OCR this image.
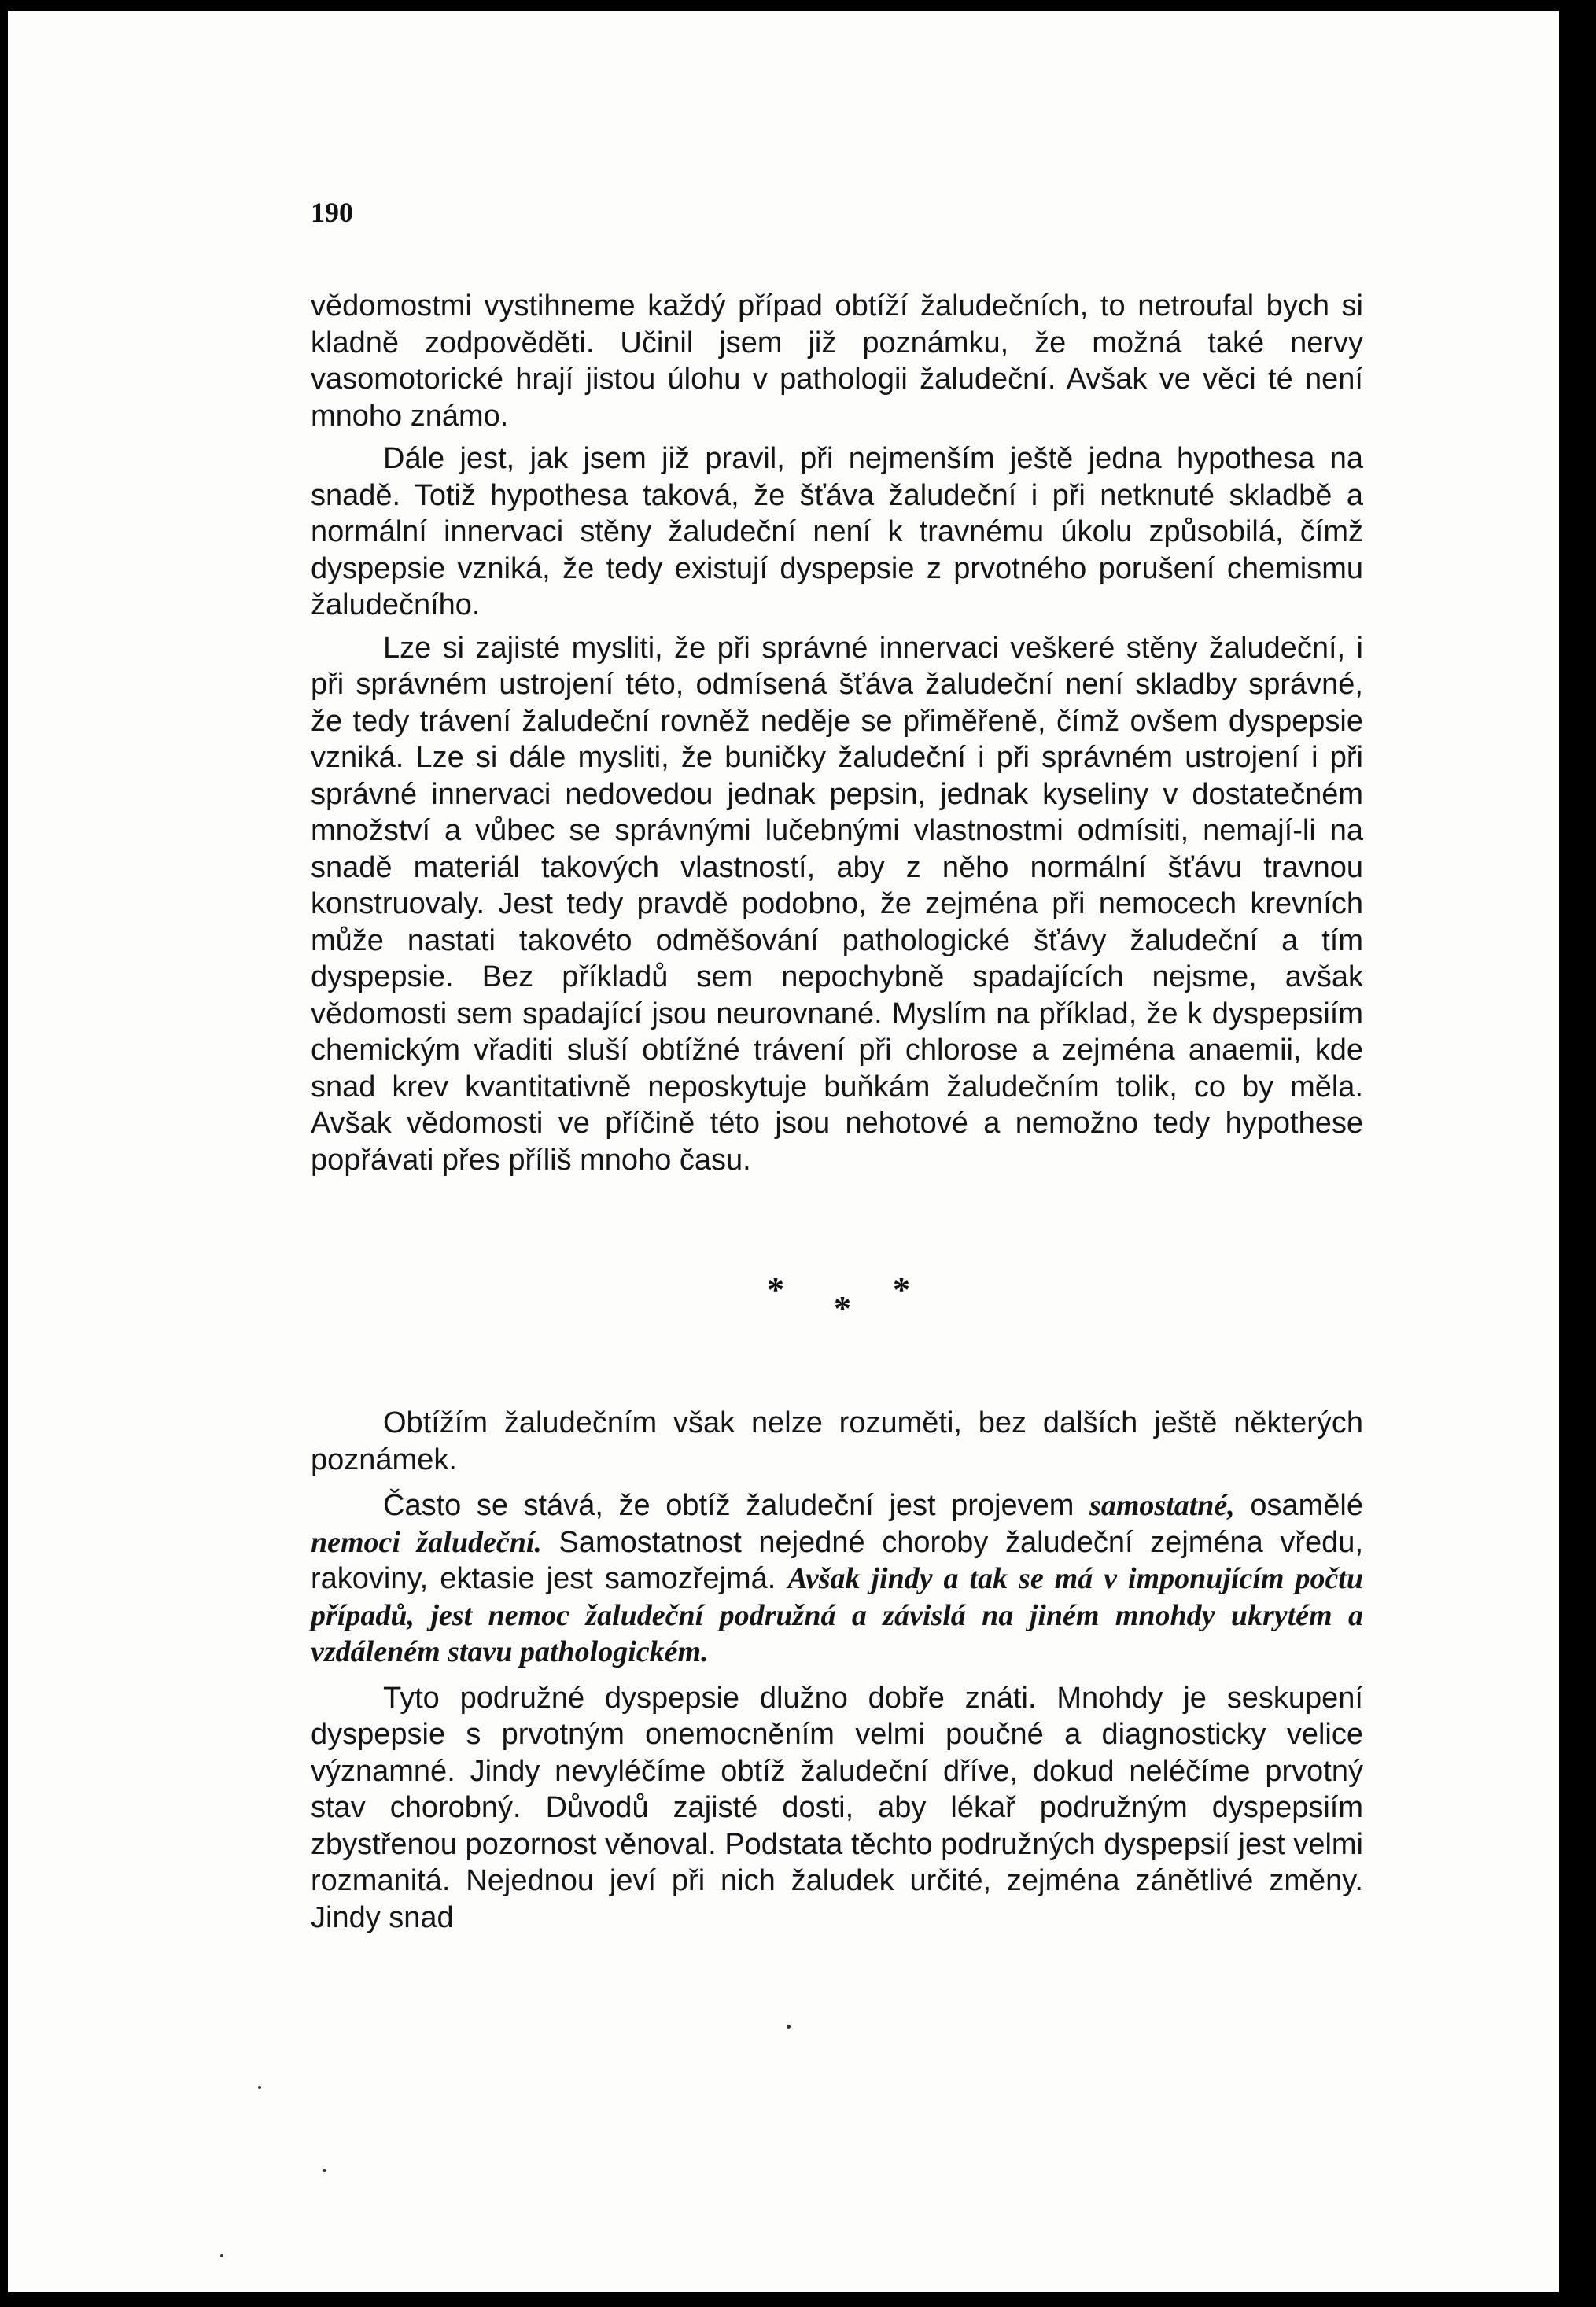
190

vědomostmi vystihneme každý případ obtíží žaludečních, to netroufal bych si kladně zodpověděti. Učinil jsem již poznámku, že možná také nervy vasomotorické hrají jistou úlohu v pathologii žaludeční. Avšak ve věci té není mnoho známo.

Dále jest, jak jsem již pravil, při nejmenším ještě jedna hypothesa na snadě. Totiž hypothesa taková, že šťáva žaludeční i při netknuté skladbě a normální innervaci stěny žaludeční není k travnému úkolu způsobilá, čímž dyspepsie vzniká, že tedy existují dyspepsie z prvotného porušení chemismu žaludečního.

Lze si zajisté mysliti, že při správné innervaci veškeré stěny žaludeční, i při správném ustrojení této, odmísená šťáva žaludeční není skladby správné, že tedy trávení žaludeční rovněž neděje se přiměřeně, čímž ovšem dyspepsie vzniká. Lze si dále mysliti, že buničky žaludeční i při správném ustrojení i při správné innervaci nedovedou jednak pepsin, jednak kyseliny v dostatečném množství a vůbec se správnými lučebnými vlastnostmi odmísiti, nemají-li na snadě materiál takových vlastností, aby z něho normální šťávu travnou konstruovaly. Jest tedy pravdě podobno, že zejména při nemocech krevních může nastati takovéto odměšování pathologické šťávy žaludeční a tím dyspepsie. Bez příkladů sem nepochybně spadajících nejsme, avšak vědomosti sem spadající jsou neurovnané. Myslím na příklad, že k dyspepsiím chemickým vřaditi sluší obtížné trávení při chlorose a zejména anaemii, kde snad krev kvantitativně neposkytuje buňkám žaludečním tolik, co by měla. Avšak vědomosti ve příčině této jsou nehotové a nemožno tedy hypothese popřávati přes příliš mnoho času.

* * *

Obtížím žaludečním však nelze rozuměti, bez dalších ještě některých poznámek.

Často se stává, že obtíž žaludeční jest projevem samostatné, osamělé nemoci žaludeční. Samostatnost nejedné choroby žaludeční zejména vředu, rakoviny, ektasie jest samozřejmá. Avšak jindy a tak se má v imponujícím počtu případů, jest nemoc žaludeční podružná a závislá na jiném mnohdy ukrytém a vzdáleném stavu pathologickém.

Tyto podružné dyspepsie dlužno dobře znáti. Mnohdy je seskupení dyspepsie s prvotným onemocněním velmi poučné a diagnosticky velice významné. Jindy nevyléčíme obtíž žaludeční dříve, dokud neléčíme prvotný stav chorobný. Důvodů zajisté dosti, aby lékař podružným dyspepsiím zbystřenou pozornost věnoval. Podstata těchto podružných dyspepsií jest velmi rozmanitá. Nejednou jeví při nich žaludek určité, zejména zánětlivé změny. Jindy snad
